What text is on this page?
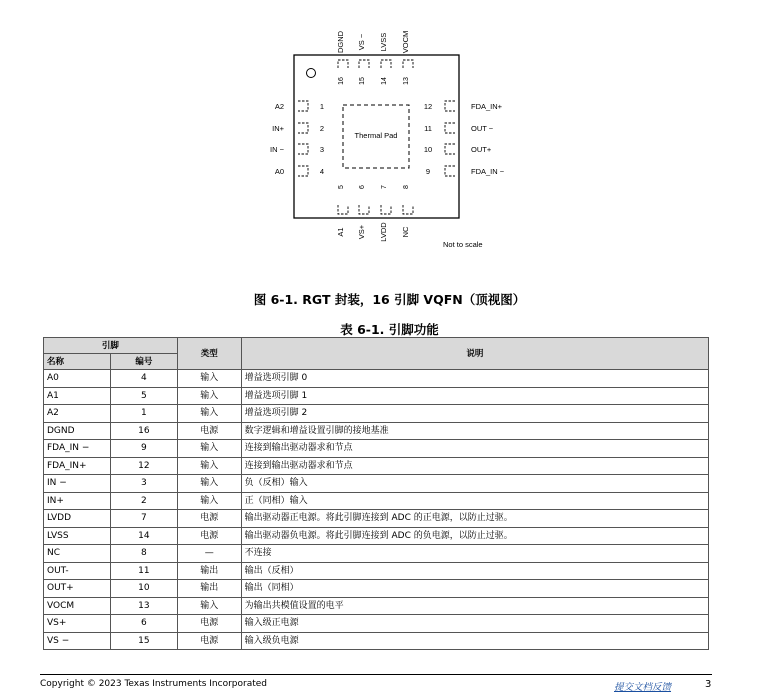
Thermal Pad
16
DGND
15
VS −
14
LVSS
13
VOCM
5
A1
6
VS+
7
LVDD
8
NC
1
A2
2
IN+
3
IN −
4
A0
12	FDA_IN+
11	OUT −
10	OUT+
9	FDA_IN −
Not to scale
图 6-1. RGT 封装，16 引脚 VQFN（顶视图）
表 6-1. 引脚功能
引脚		类型	说明
名称	编号		
A0	4	输入	增益选项引脚 0
A1	5	输入	增益选项引脚 1
A2	1	输入	增益选项引脚 2
DGND	16	电源	数字逻辑和增益设置引脚的接地基准
FDA_IN −	9	输入	连接到输出驱动器求和节点
FDA_IN+	12	输入	连接到输出驱动器求和节点
IN −	3	输入	负（反相）输入
IN+	2	输入	正（同相）输入
LVDD	7	电源	输出驱动器正电源。将此引脚连接到 ADC 的正电源，以防止过驱。
LVSS	14	电源	输出驱动器负电源。将此引脚连接到 ADC 的负电源，以防止过驱。
NC	8	—	不连接
OUT-	11	输出	输出（反相）
OUT+	10	输出	输出（同相）
VOCM	13	输入	为输出共模值设置的电平
VS+	6	电源	输入级正电源
VS −	15	电源	输入级负电源
Copyright © 2023 Texas Instruments Incorporated	提交文档反馈	3
